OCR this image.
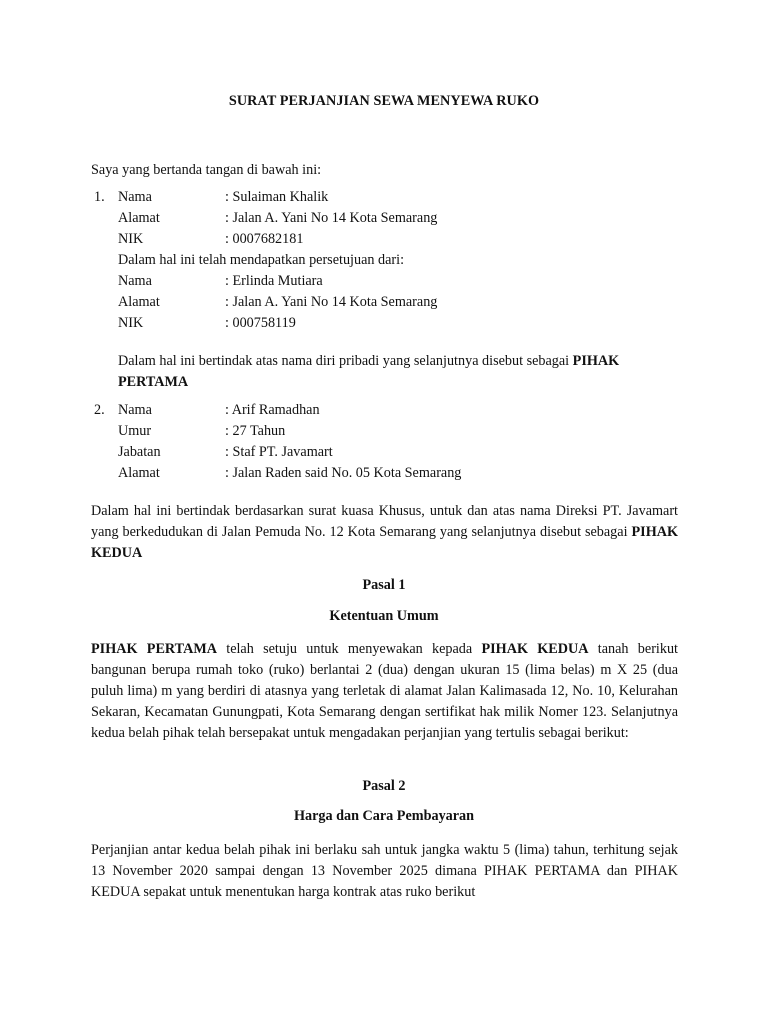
SURAT PERJANJIAN SEWA MENYEWA RUKO
Saya yang bertanda tangan di bawah ini:
1. Nama	: Sulaiman Khalik
Alamat	: Jalan A. Yani No 14 Kota Semarang
NIK	: 0007682181
Dalam hal ini telah mendapatkan persetujuan dari:
Nama	: Erlinda Mutiara
Alamat	: Jalan A. Yani No 14 Kota Semarang
NIK	: 000758119
Dalam hal ini bertindak atas nama diri pribadi yang selanjutnya disebut sebagai PIHAK PERTAMA
2. Nama	: Arif Ramadhan
Umur	: 27 Tahun
Jabatan	: Staf PT. Javamart
Alamat	: Jalan Raden said No. 05 Kota Semarang
Dalam hal ini bertindak berdasarkan surat kuasa Khusus, untuk dan atas nama Direksi PT. Javamart yang berkedudukan di Jalan Pemuda No. 12 Kota Semarang yang selanjutnya disebut sebagai PIHAK KEDUA
Pasal 1
Ketentuan Umum
PIHAK PERTAMA telah setuju untuk menyewakan kepada PIHAK KEDUA tanah berikut bangunan berupa rumah toko (ruko) berlantai 2 (dua) dengan ukuran 15 (lima belas) m X 25 (dua puluh lima) m yang berdiri di atasnya yang terletak di alamat Jalan Kalimasada 12, No. 10, Kelurahan Sekaran, Kecamatan Gunungpati, Kota Semarang dengan sertifikat hak milik Nomer 123. Selanjutnya kedua belah pihak telah bersepakat untuk mengadakan perjanjian yang tertulis sebagai berikut:
Pasal 2
Harga dan Cara Pembayaran
Perjanjian antar kedua belah pihak ini berlaku sah untuk jangka waktu 5 (lima) tahun, terhitung sejak 13 November 2020 sampai dengan 13 November 2025 dimana PIHAK PERTAMA dan PIHAK KEDUA sepakat untuk menentukan harga kontrak atas ruko berikut
